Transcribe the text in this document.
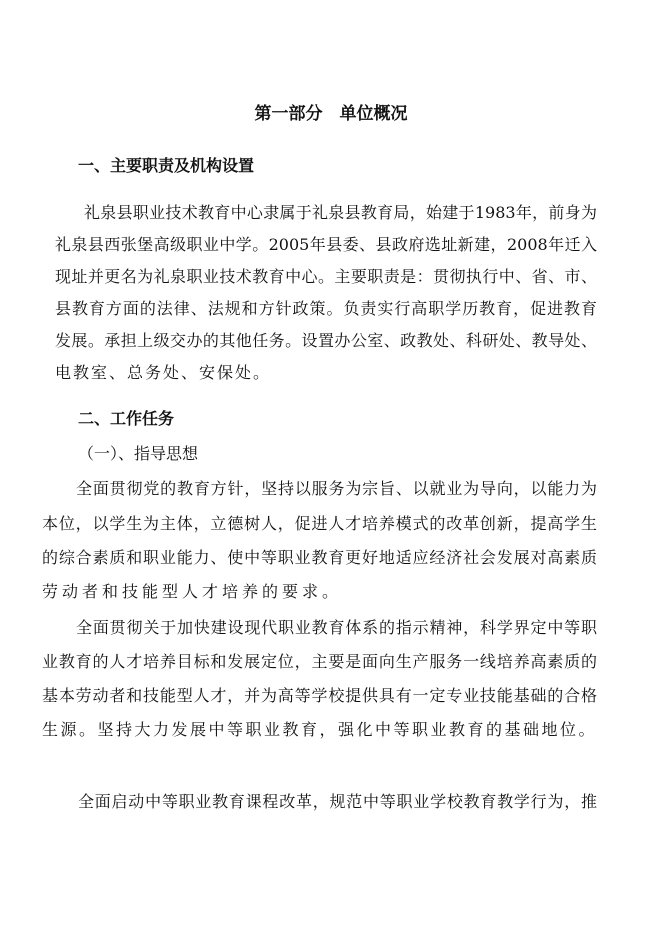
第一部分　单位概况
一、主要职责及机构设置
礼泉县职业技术教育中心隶属于礼泉县教育局，始建于1983年，前身为
礼泉县西张堡高级职业中学。2005年县委、县政府选址新建，2008年迁入
现址并更名为礼泉职业技术教育中心。主要职责是：贯彻执行中、省、市、
县教育方面的法律、法规和方针政策。负责实行高职学历教育，促进教育
发展。承担上级交办的其他任务。设置办公室、政教处、科研处、教导处、
电教室、总务处、安保处。
二、工作任务
（一）、指导思想
全面贯彻党的教育方针，坚持以服务为宗旨、以就业为导向，以能力为
本位，以学生为主体，立德树人，促进人才培养模式的改革创新，提高学生
的综合素质和职业能力、使中等职业教育更好地适应经济社会发展对高素质
劳动者和技能型人才培养的要求。
全面贯彻关于加快建设现代职业教育体系的指示精神，科学界定中等职
业教育的人才培养目标和发展定位，主要是面向生产服务一线培养高素质的
基本劳动者和技能型人才，并为高等学校提供具有一定专业技能基础的合格
生源。坚持大力发展中等职业教育，强化中等职业教育的基础地位。
全面启动中等职业教育课程改革，规范中等职业学校教育教学行为，推
